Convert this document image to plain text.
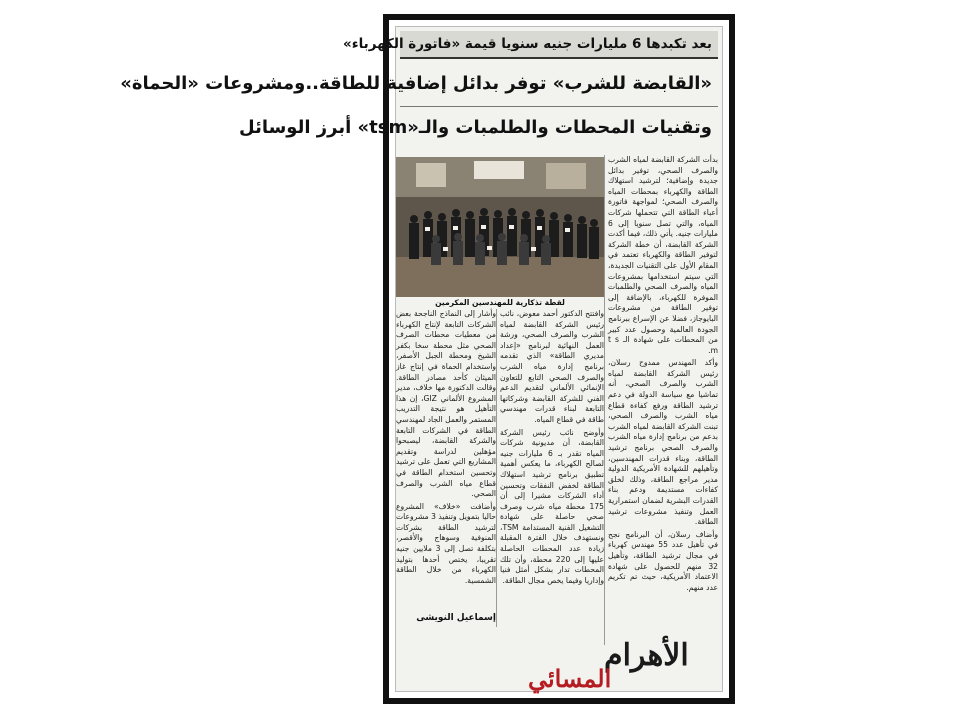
بعد تكبدها 6 مليارات جنيه سنويا قيمة «فاتورة الكهرباء»
«القابضة للشرب» توفر بدائل إضافية للطاقة..ومشروعات «الحماة»
وتقنيات المحطات والطلمبات والـ«tsm» أبرز الوسائل

بدأت الشركة القابضة لمياه الشرب والصرف الصحي، توفير بدائل جديدة وإضافية؛ لترشيد استهلاك الطاقة والكهرباء بمحطات المياه والصرف الصحي؛ لمواجهة فاتورة أعباء الطاقة التي تتحملها شركات المياه، والتي تصل سنويا إلى 6 مليارات جنيه. يأتي ذلك، فيما أكدت الشركة القابضة، أن خطة الشركة لتوفير الطاقة والكهرباء تعتمد في المقام الأول على التقنيات الجديدة، التي سيتم استخدامها بمشروعات المياه والصرف الصحي والطلمبات الموفرة للكهرباء، بالإضافة إلى توفير الطاقة من مشروعات البايوجاز، فضلا عن الإسراع ببرنامج الجودة العالمية وحصول عدد كبير من المحطات على شهادة الـ t s m.

وأكد المهندس ممدوح رسلان، رئيس الشركة القابضة لمياه الشرب والصرف الصحي، أنه تماشيا مع سياسة الدولة في دعم ترشيد الطاقة ورفع كفاءة قطاع مياه الشرب والصرف الصحي، تبنت الشركة القابضة لمياه الشرب بدعم من برنامج إدارة مياه الشرب والصرف الصحي برنامج ترشيد الطاقة، وبناء قدرات المهندسين، وتأهيلهم للشهادة الأمريكية الدولية مدير مراجع الطاقة، وذلك لخلق كفاءات مستديمة ودعم بناء القدرات البشرية لضمان استمرارية العمل وتنفيذ مشروعات ترشيد الطاقة.

وأضاف رسلان، أن البرنامج نجح في تأهيل عدد 55 مهندس كهرباء في مجال ترشيد الطاقة، وتأهيل 32 منهم للحصول على شهادة الاعتماد الأمريكية، حيث تم تكريم عدد منهم.

لقطة تذكارية للمهندسين المكرمين

وافتتح الدكتور أحمد معوض، نائب رئيس الشركة القابضة لمياه الشرب والصرف الصحي، ورشة العمل النهائية لبرنامج «إعداد مديري الطاقة» الذي تقدمه برنامج إدارة مياه الشرب والصرف الصحي التابع للتعاون الإنمائي الألماني لتقديم الدعم الفني للشركة القابضة وشركاتها التابعة لبناء قدرات مهندسي طاقة في قطاع المياه.

وأوضح نائب رئيس الشركة القابضة، أن مديونية شركات المياه تقدر بـ 6 مليارات جنيه لصالح الكهرباء، ما يعكس أهمية تطبيق برنامج ترشيد استهلاك الطاقة لخفض النفقات وتحسين أداء الشركات مشيرا إلى أن 175 محطة مياه شرب وصرف صحي حاصلة على شهادة التشغيل الفنية المستدامة TSM، ونستهدف خلال الفترة المقبلة زيادة عدد المحطات الحاصلة عليها إلى 220 محطة، وأن تلك المحطات تدار بشكل أمثل فنيا وإداريا وفيما يخص مجال الطاقة.

وأشار إلى النماذج الناجحة بعض الشركات التابعة لإنتاج الكهرباء من معطيات محطات الصرف الصحي مثل محطة سخا بكفر الشيخ ومحطة الجبل الأصفر، واستخدام الحماة في إنتاج غاز الميثان كأحد مصادر الطاقة. وقالت الدكتورة مها خلاف، مدير المشروع الألماني GIZ، إن هذا التأهيل هو نتيجة التدريب المستمر والعمل الجاد لمهندسي الطاقة في الشركات التابعة والشركة القابضة، ليصبحوا مؤهلين لدراسة وتقديم المشاريع التي تعمل على ترشيد وتحسين استخدام الطاقة في قطاع مياه الشرب والصرف الصحي.

وأضافت «خلاف» المشروع حاليا بتمويل وتنفيذ 3 مشروعات لترشيد الطاقة بشركات المنوفية وسوهاج والأقصر، بتكلفة تصل إلى 3 ملايين جنيه تقريبا، يختص أحدها بتوليد الكهرباء من خلال الطاقة الشمسية.

إسماعيل النويشى
الأهرام
المسائي
